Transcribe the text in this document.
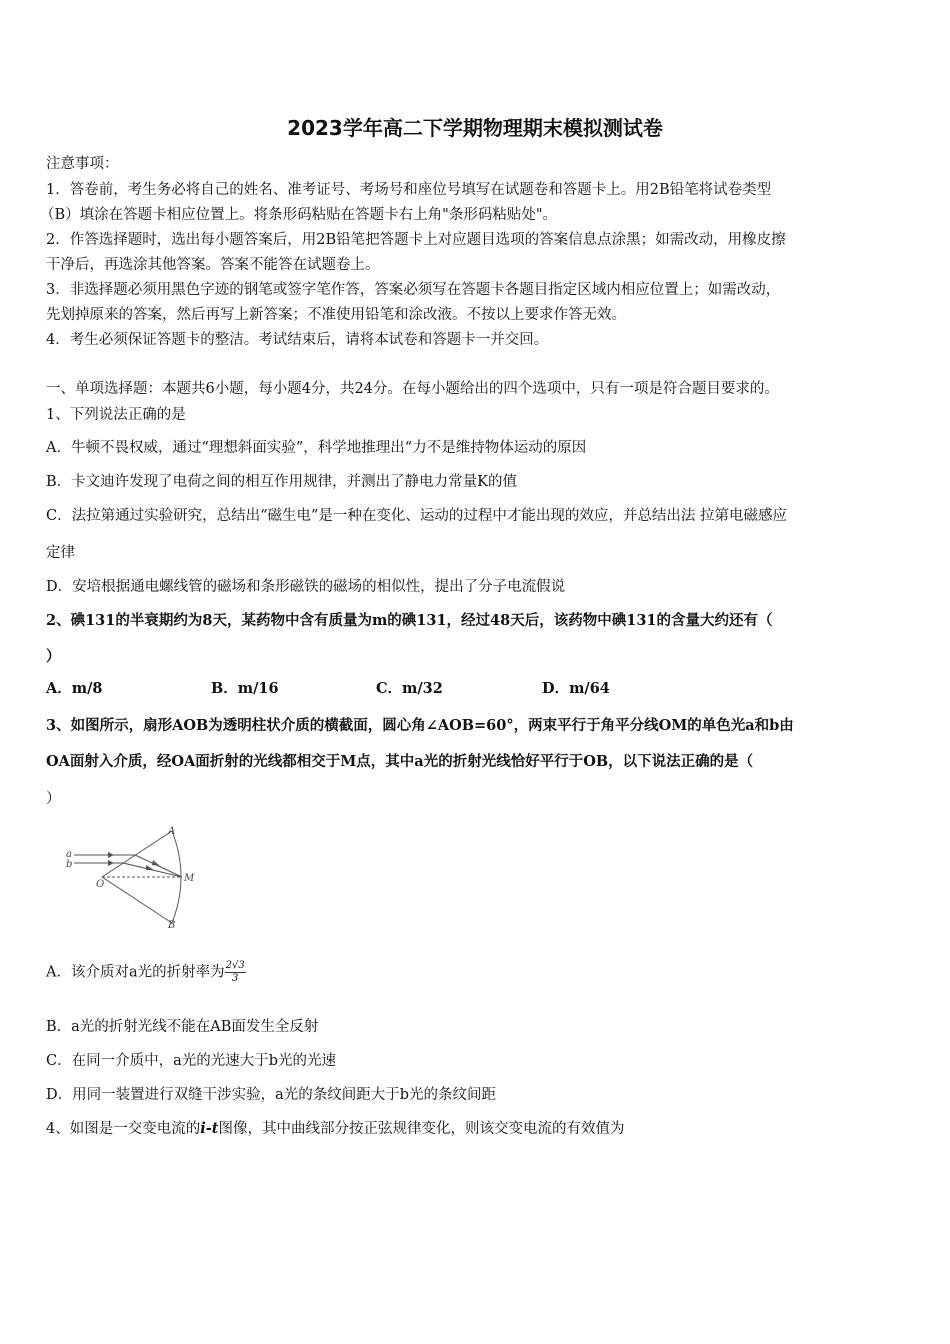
2023学年高二下学期物理期末模拟测试卷
注意事项：
1．答卷前，考生务必将自己的姓名、准考证号、考场号和座位号填写在试题卷和答题卡上。用2B铅笔将试卷类型
（B）填涂在答题卡相应位置上。将条形码粘贴在答题卡右上角"条形码粘贴处"。
2．作答选择题时，选出每小题答案后，用2B铅笔把答题卡上对应题目选项的答案信息点涂黑；如需改动，用橡皮擦
干净后，再选涂其他答案。答案不能答在试题卷上。
3．非选择题必须用黑色字迹的钢笔或签字笔作答，答案必须写在答题卡各题目指定区域内相应位置上；如需改动，
先划掉原来的答案，然后再写上新答案；不准使用铅笔和涂改液。不按以上要求作答无效。
4．考生必须保证答题卡的整洁。考试结束后，请将本试卷和答题卡一并交回。
一、单项选择题：本题共6小题，每小题4分，共24分。在每小题给出的四个选项中，只有一项是符合题目要求的。
1、下列说法正确的是
A．牛顿不畏权威，通过“理想斜面实验”，科学地推理出“力不是维持物体运动的原因
B．卡文迪许发现了电荷之间的相互作用规律，并测出了静电力常量K的值
C．法拉第通过实验研究，总结出“磁生电”是一种在变化、运动的过程中才能出现的效应，并总结出法 拉第电磁感应
定律
D．安培根据通电螺线管的磁场和条形磁铁的磁场的相似性，提出了分子电流假说
2、碘131的半衰期约为8天，某药物中含有质量为m的碘131，经过48天后，该药物中碘131的含量大约还有（
）
A．m/8	B．m/16	C．m/32	D．m/64
3、如图所示，扇形AOB为透明柱状介质的横截面，圆心角∠AOB=60°，两束平行于角平分线OM的单色光a和b由
OA面射入介质，经OA面折射的光线都相交于M点，其中a光的折射光线恰好平行于OB，以下说法正确的是（
）
a
b
A
B
O
M
A．该介质对a光的折射率为 $\frac{2√3}{3}$
B．a光的折射光线不能在AB面发生全反射
C．在同一介质中，a光的光速大于b光的光速
D．用同一装置进行双缝干涉实验，a光的条纹间距大于b光的条纹间距
4、如图是一交变电流的i-t图像，其中曲线部分按正弦规律变化，则该交变电流的有效值为
